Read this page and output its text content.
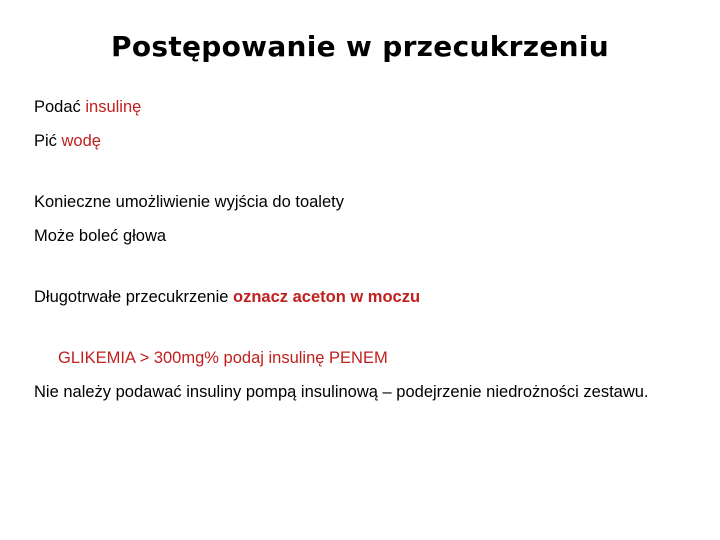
Postępowanie w przecukrzeniu
Podać insulinę
Pić wodę
Konieczne umożliwienie wyjścia do toalety
Może boleć głowa
Długotrwałe przecukrzenie oznacz aceton w moczu
GLIKEMIA > 300mg% podaj insulinę PENEM
Nie należy podawać insuliny pompą insulinową – podejrzenie niedrożności zestawu.
